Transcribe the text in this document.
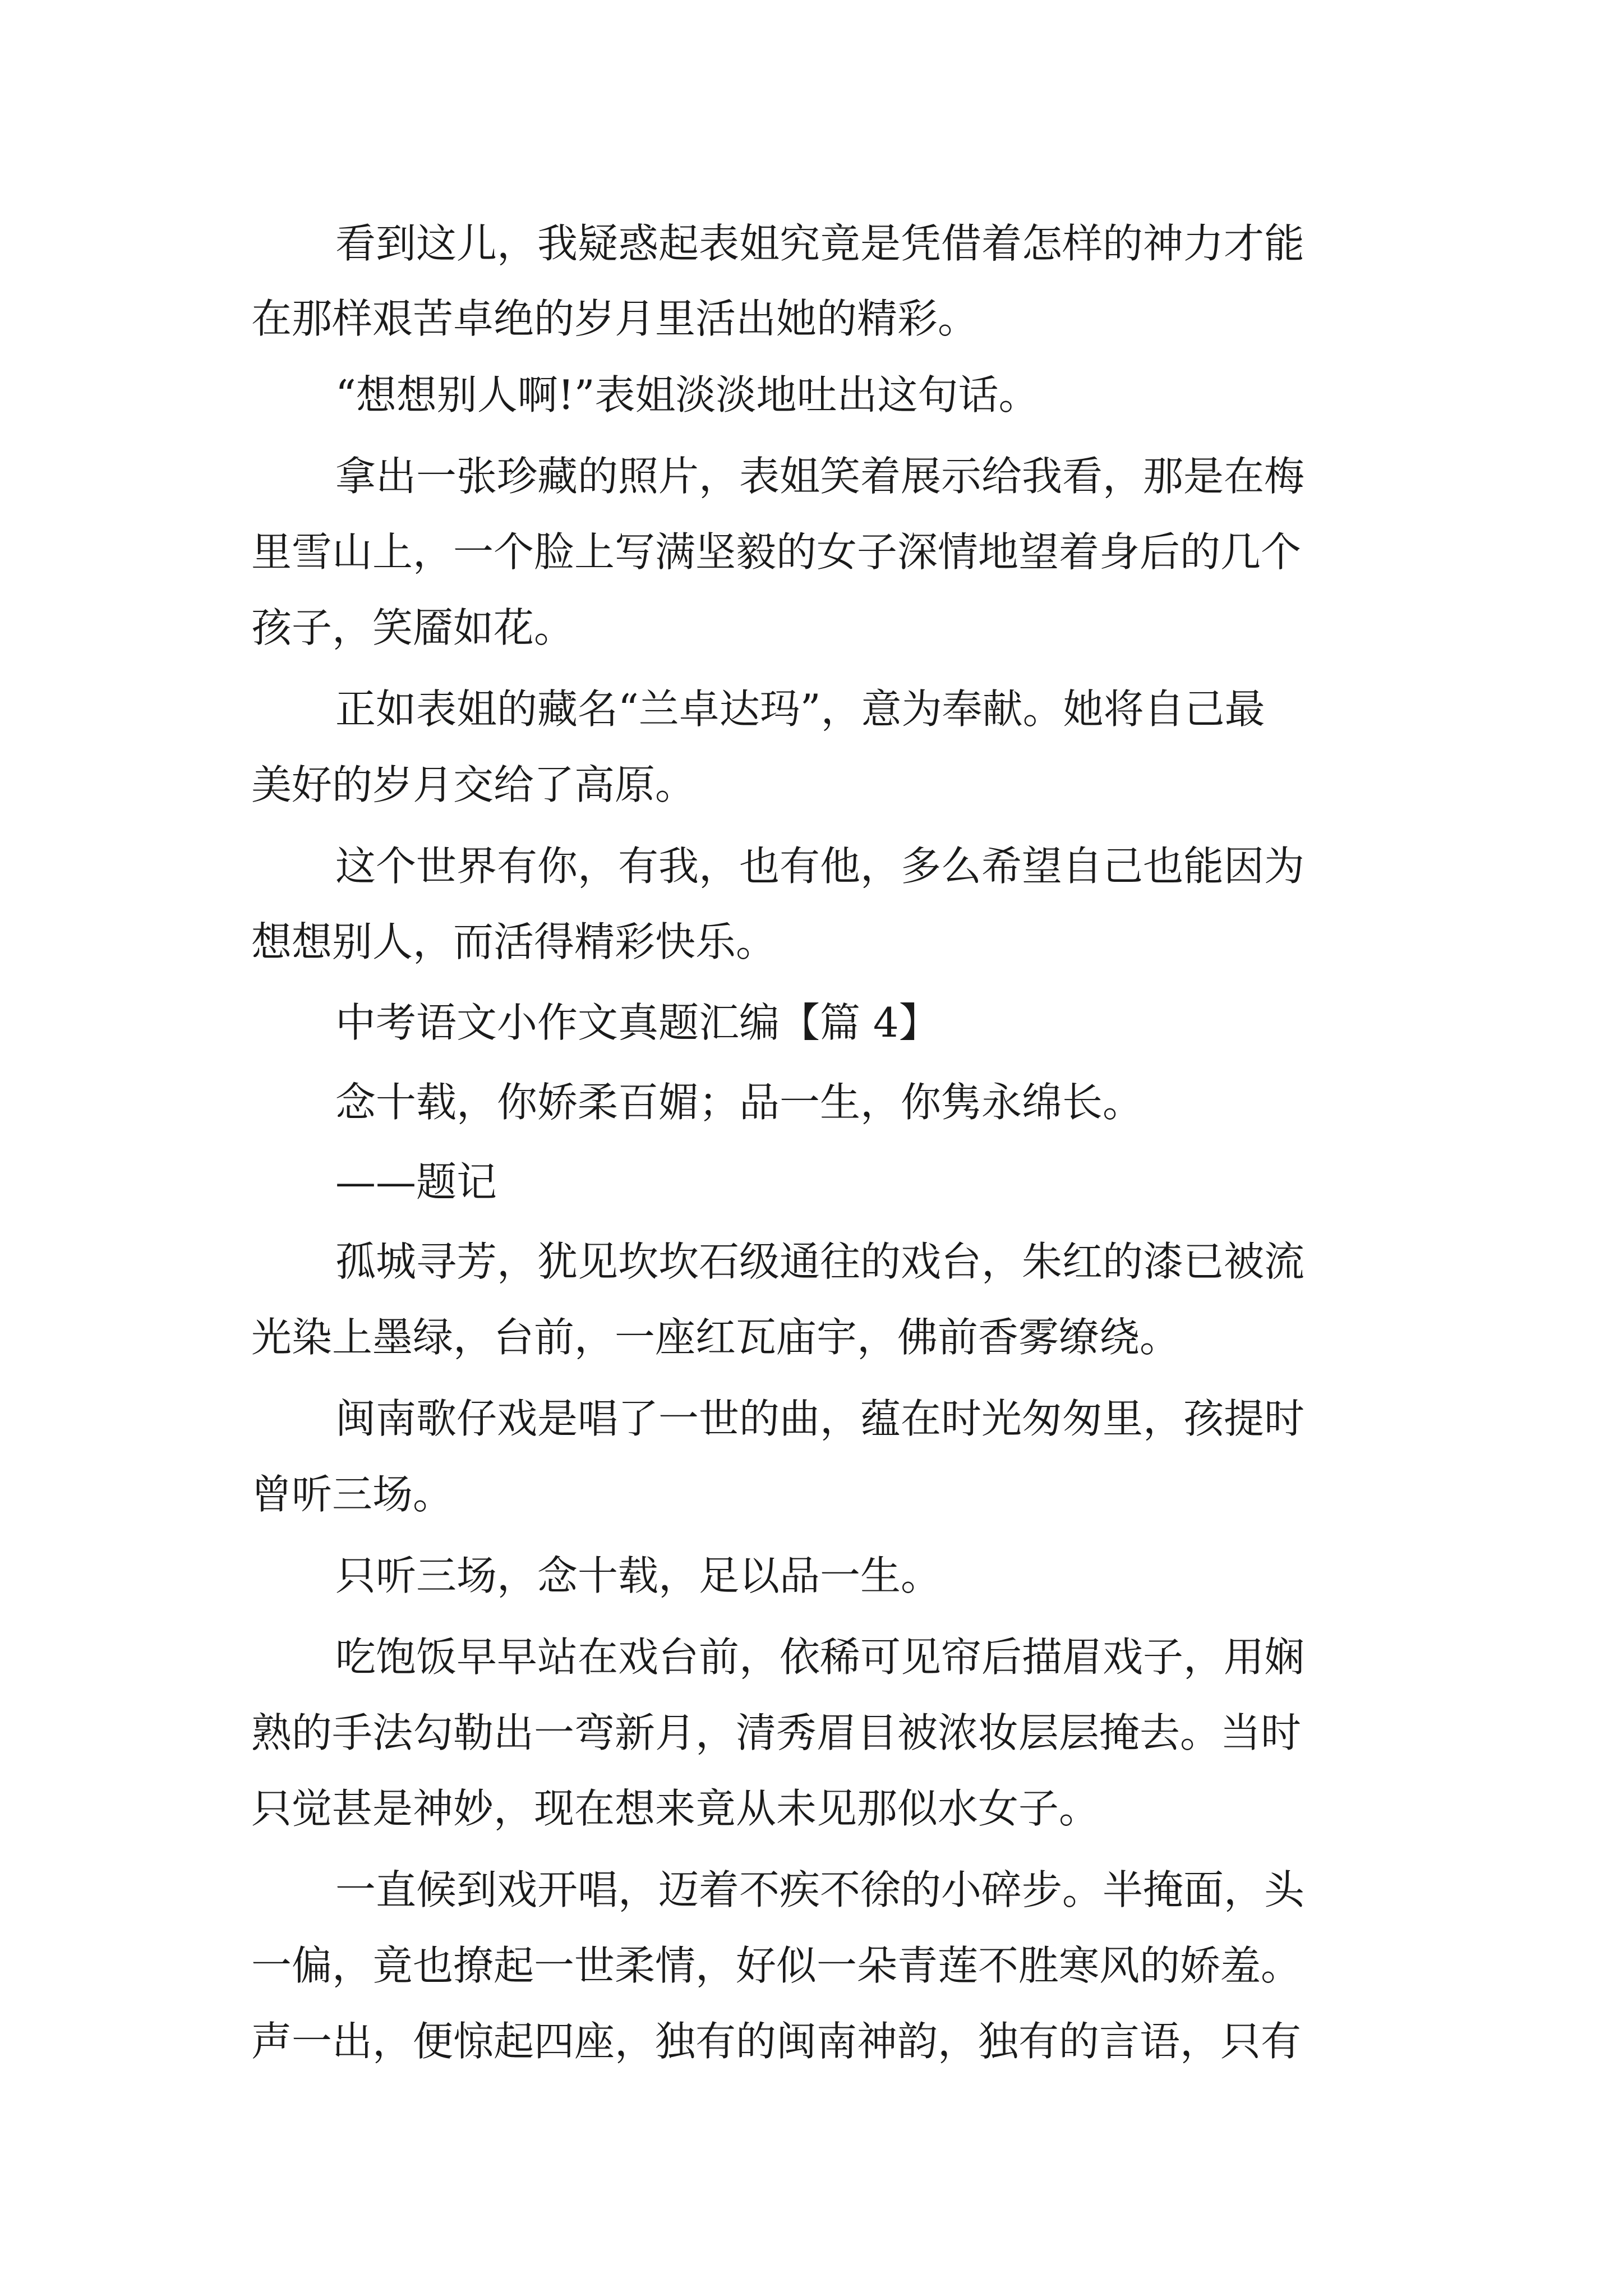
看到这儿，我疑惑起表姐究竟是凭借着怎样的神力才能
在那样艰苦卓绝的岁月里活出她的精彩。
“想想别人啊!”表姐淡淡地吐出这句话。
拿出一张珍藏的照片，表姐笑着展示给我看，那是在梅
里雪山上，一个脸上写满坚毅的女子深情地望着身后的几个
孩子，笑靥如花。
正如表姐的藏名“兰卓达玛”，意为奉献。她将自己最
美好的岁月交给了高原。
这个世界有你，有我，也有他，多么希望自己也能因为
想想别人，而活得精彩快乐。
中考语文小作文真题汇编【篇 4】
念十载，你娇柔百媚；品一生，你隽永绵长。
——题记
孤城寻芳，犹见坎坎石级通往的戏台，朱红的漆已被流
光染上墨绿，台前，一座红瓦庙宇，佛前香雾缭绕。
闽南歌仔戏是唱了一世的曲，蕴在时光匆匆里，孩提时
曾听三场。
只听三场，念十载，足以品一生。
吃饱饭早早站在戏台前，依稀可见帘后描眉戏子，用娴
熟的手法勾勒出一弯新月，清秀眉目被浓妆层层掩去。当时
只觉甚是神妙，现在想来竟从未见那似水女子。
一直候到戏开唱，迈着不疾不徐的小碎步。半掩面，头
一偏，竟也撩起一世柔情，好似一朵青莲不胜寒风的娇羞。
声一出，便惊起四座，独有的闽南神韵，独有的言语，只有
